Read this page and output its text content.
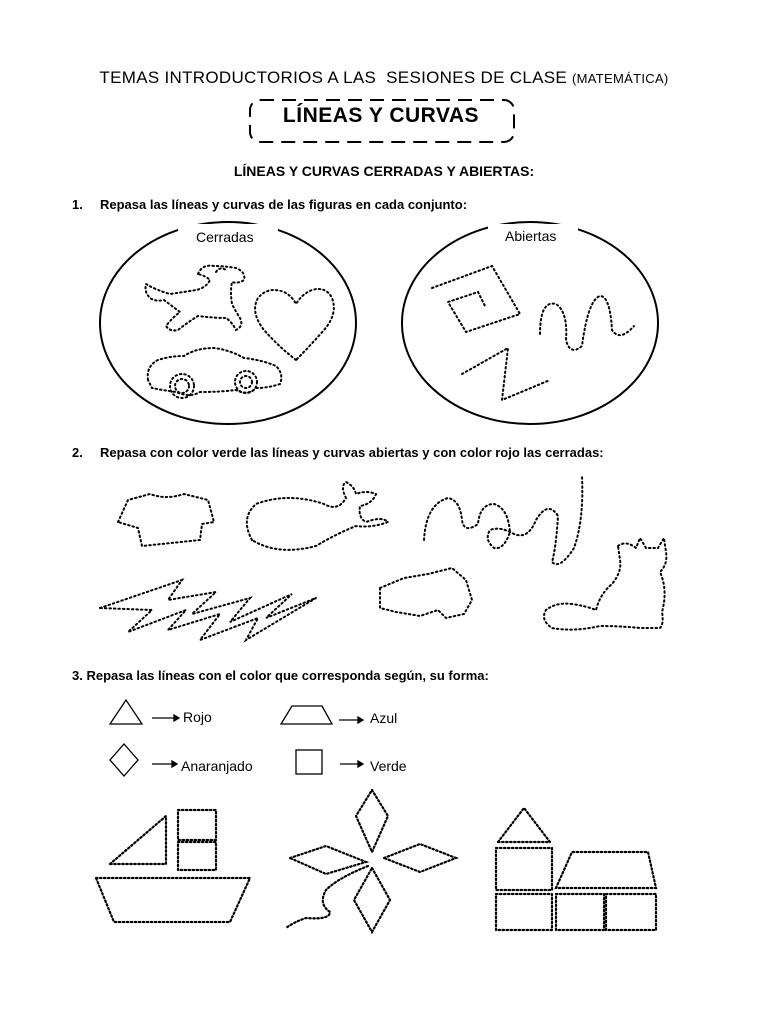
TEMAS INTRODUCTORIOS A LAS  SESIONES DE CLASE (MATEMÁTICA)
LÍNEAS Y CURVAS
LÍNEAS Y CURVAS CERRADAS Y ABIERTAS:
1. Repasa las líneas y curvas de las figuras en cada conjunto:
Cerradas	Abiertas
2. Repasa con color verde las líneas y curvas abiertas y con color rojo las cerradas:
3. Repasa las líneas con el color que corresponda según, su forma:
Rojo	Azul
Anaranjado	Verde
